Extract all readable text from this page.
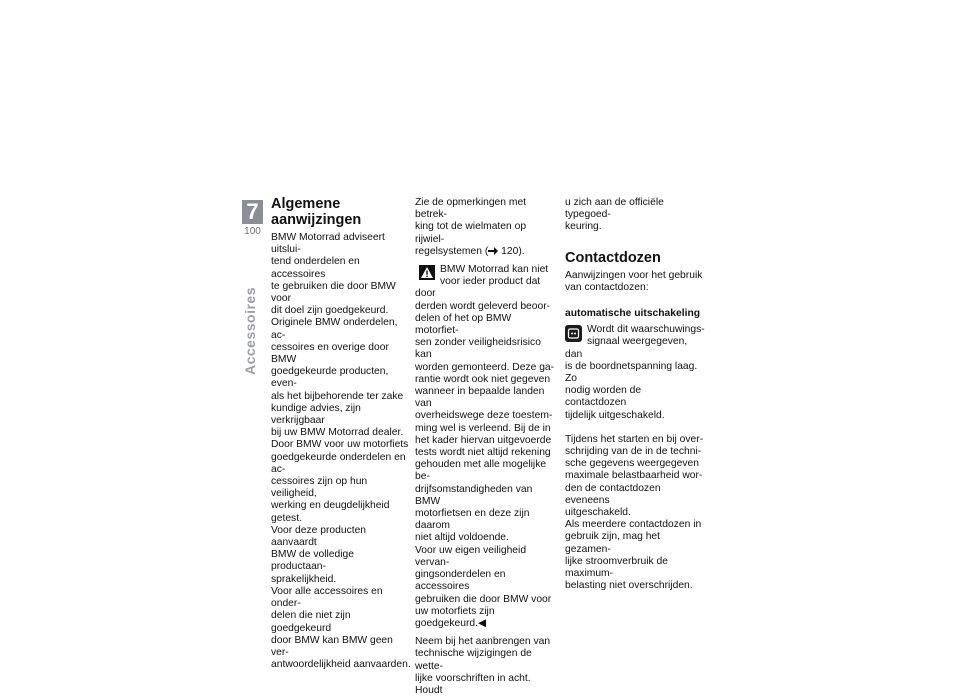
7
100
Accessoires

Algemene
aanwijzingen

BMW Motorrad adviseert uitslui-
tend onderdelen en accessoires
te gebruiken die door BMW voor
dit doel zijn goedgekeurd.
Originele BMW onderdelen, ac-
cessoires en overige door BMW
goedgekeurde producten, even-
als het bijbehorende ter zake
kundige advies, zijn verkrijgbaar
bij uw BMW Motorrad dealer.
Door BMW voor uw motorfiets
goedgekeurde onderdelen en ac-
cessoires zijn op hun veiligheid,
werking en deugdelijkheid getest.
Voor deze producten aanvaardt
BMW de volledige productaan-
sprakelijkheid.
Voor alle accessoires en onder-
delen die niet zijn goedgekeurd
door BMW kan BMW geen ver-
antwoordelijkheid aanvaarden.

Zie de opmerkingen met betrek-
king tot de wielmaten op rijwiel-
regelsystemen ( 120).

BMW Motorrad kan niet
voor ieder product dat door
derden wordt geleverd beoor-
delen of het op BMW motorfiet-
sen zonder veiligheidsrisico kan
worden gemonteerd. Deze ga-
rantie wordt ook niet gegeven
wanneer in bepaalde landen van
overheidswege deze toestem-
ming wel is verleend. Bij de in
het kader hiervan uitgevoerde
tests wordt niet altijd rekening
gehouden met alle mogelijke be-
drijfsomstandigheden van BMW
motorfietsen en deze zijn daarom
niet altijd voldoende.
Voor uw eigen veiligheid vervan-
gingsonderdelen en accessoires
gebruiken die door BMW voor
uw motorfiets zijn goedgekeurd.◀

Neem bij het aanbrengen van
technische wijzigingen de wette-
lijke voorschriften in acht. Houdt

u zich aan de officiële typegoed-
keuring.

Contactdozen

Aanwijzingen voor het gebruik
van contactdozen:

automatische uitschakeling

Wordt dit waarschuwings-
signaal weergegeven, dan
is de boordnetspanning laag. Zo
nodig worden de contactdozen
tijdelijk uitgeschakeld.

Tijdens het starten en bij over-
schrijding van de in de techni-
sche gegevens weergegeven
maximale belastbaarheid wor-
den de contactdozen eveneens
uitgeschakeld.
Als meerdere contactdozen in
gebruik zijn, mag het gezamen-
lijke stroomverbruik de maximum-
belasting niet overschrijden.
